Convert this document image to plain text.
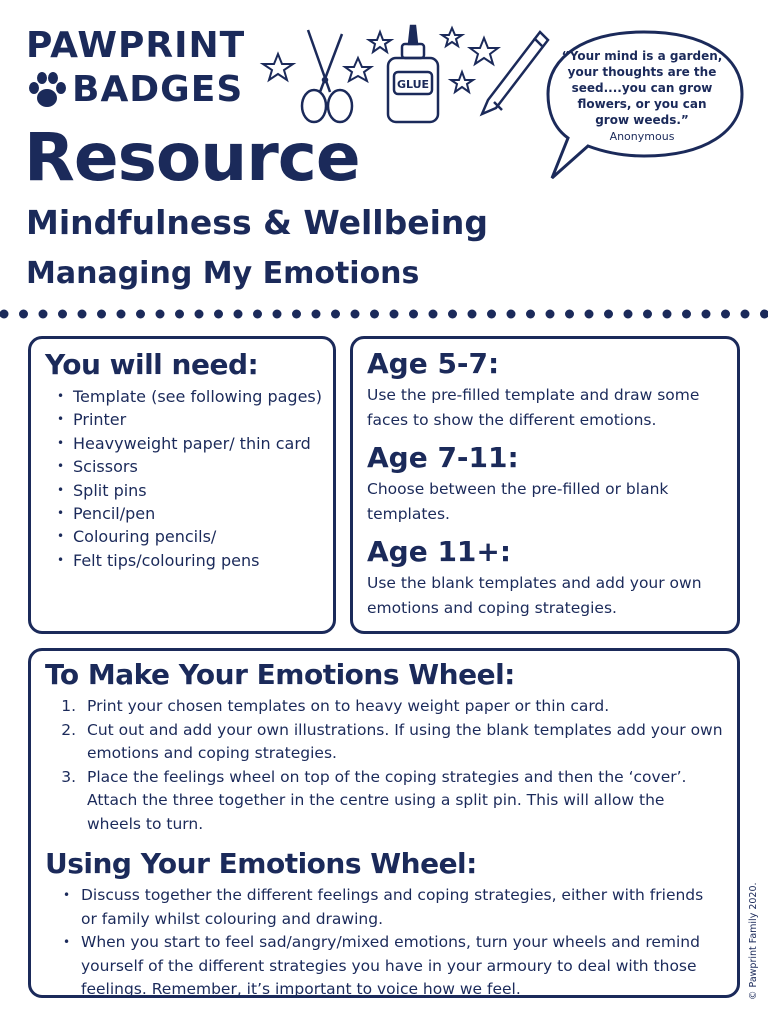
PAWPRINT
BADGES	GLUE
“Your mind is a garden, your thoughts are the seed....you can grow flowers, or you can grow weeds.”
Anonymous
Resource
Mindfulness & Wellbeing
Managing My Emotions
You will need:
• Template (see following pages)
• Printer
• Heavyweight paper/ thin card
• Scissors
• Split pins
• Pencil/pen
• Colouring pencils/
• Felt tips/colouring pens
Age 5-7:
Use the pre-filled template and draw some faces to show the different emotions.
Age 7-11:
Choose between the pre-filled or blank templates.
Age 11+:
Use the blank templates and add your own emotions and coping strategies.
To Make Your Emotions Wheel:
1. Print your chosen templates on to heavy weight paper or thin card.
2. Cut out and add your own illustrations. If using the blank templates add your own emotions and coping strategies.
3. Place the feelings wheel on top of the coping strategies and then the ‘cover’. Attach the three together in the centre using a split pin. This will allow the wheels to turn.
Using Your Emotions Wheel:
• Discuss together the different feelings and coping strategies, either with friends or family whilst colouring and drawing.
• When you start to feel sad/angry/mixed emotions, turn your wheels and remind yourself of the different strategies you have in your armoury to deal with those feelings. Remember, it’s important to voice how we feel.	© Pawprint Family 2020.
